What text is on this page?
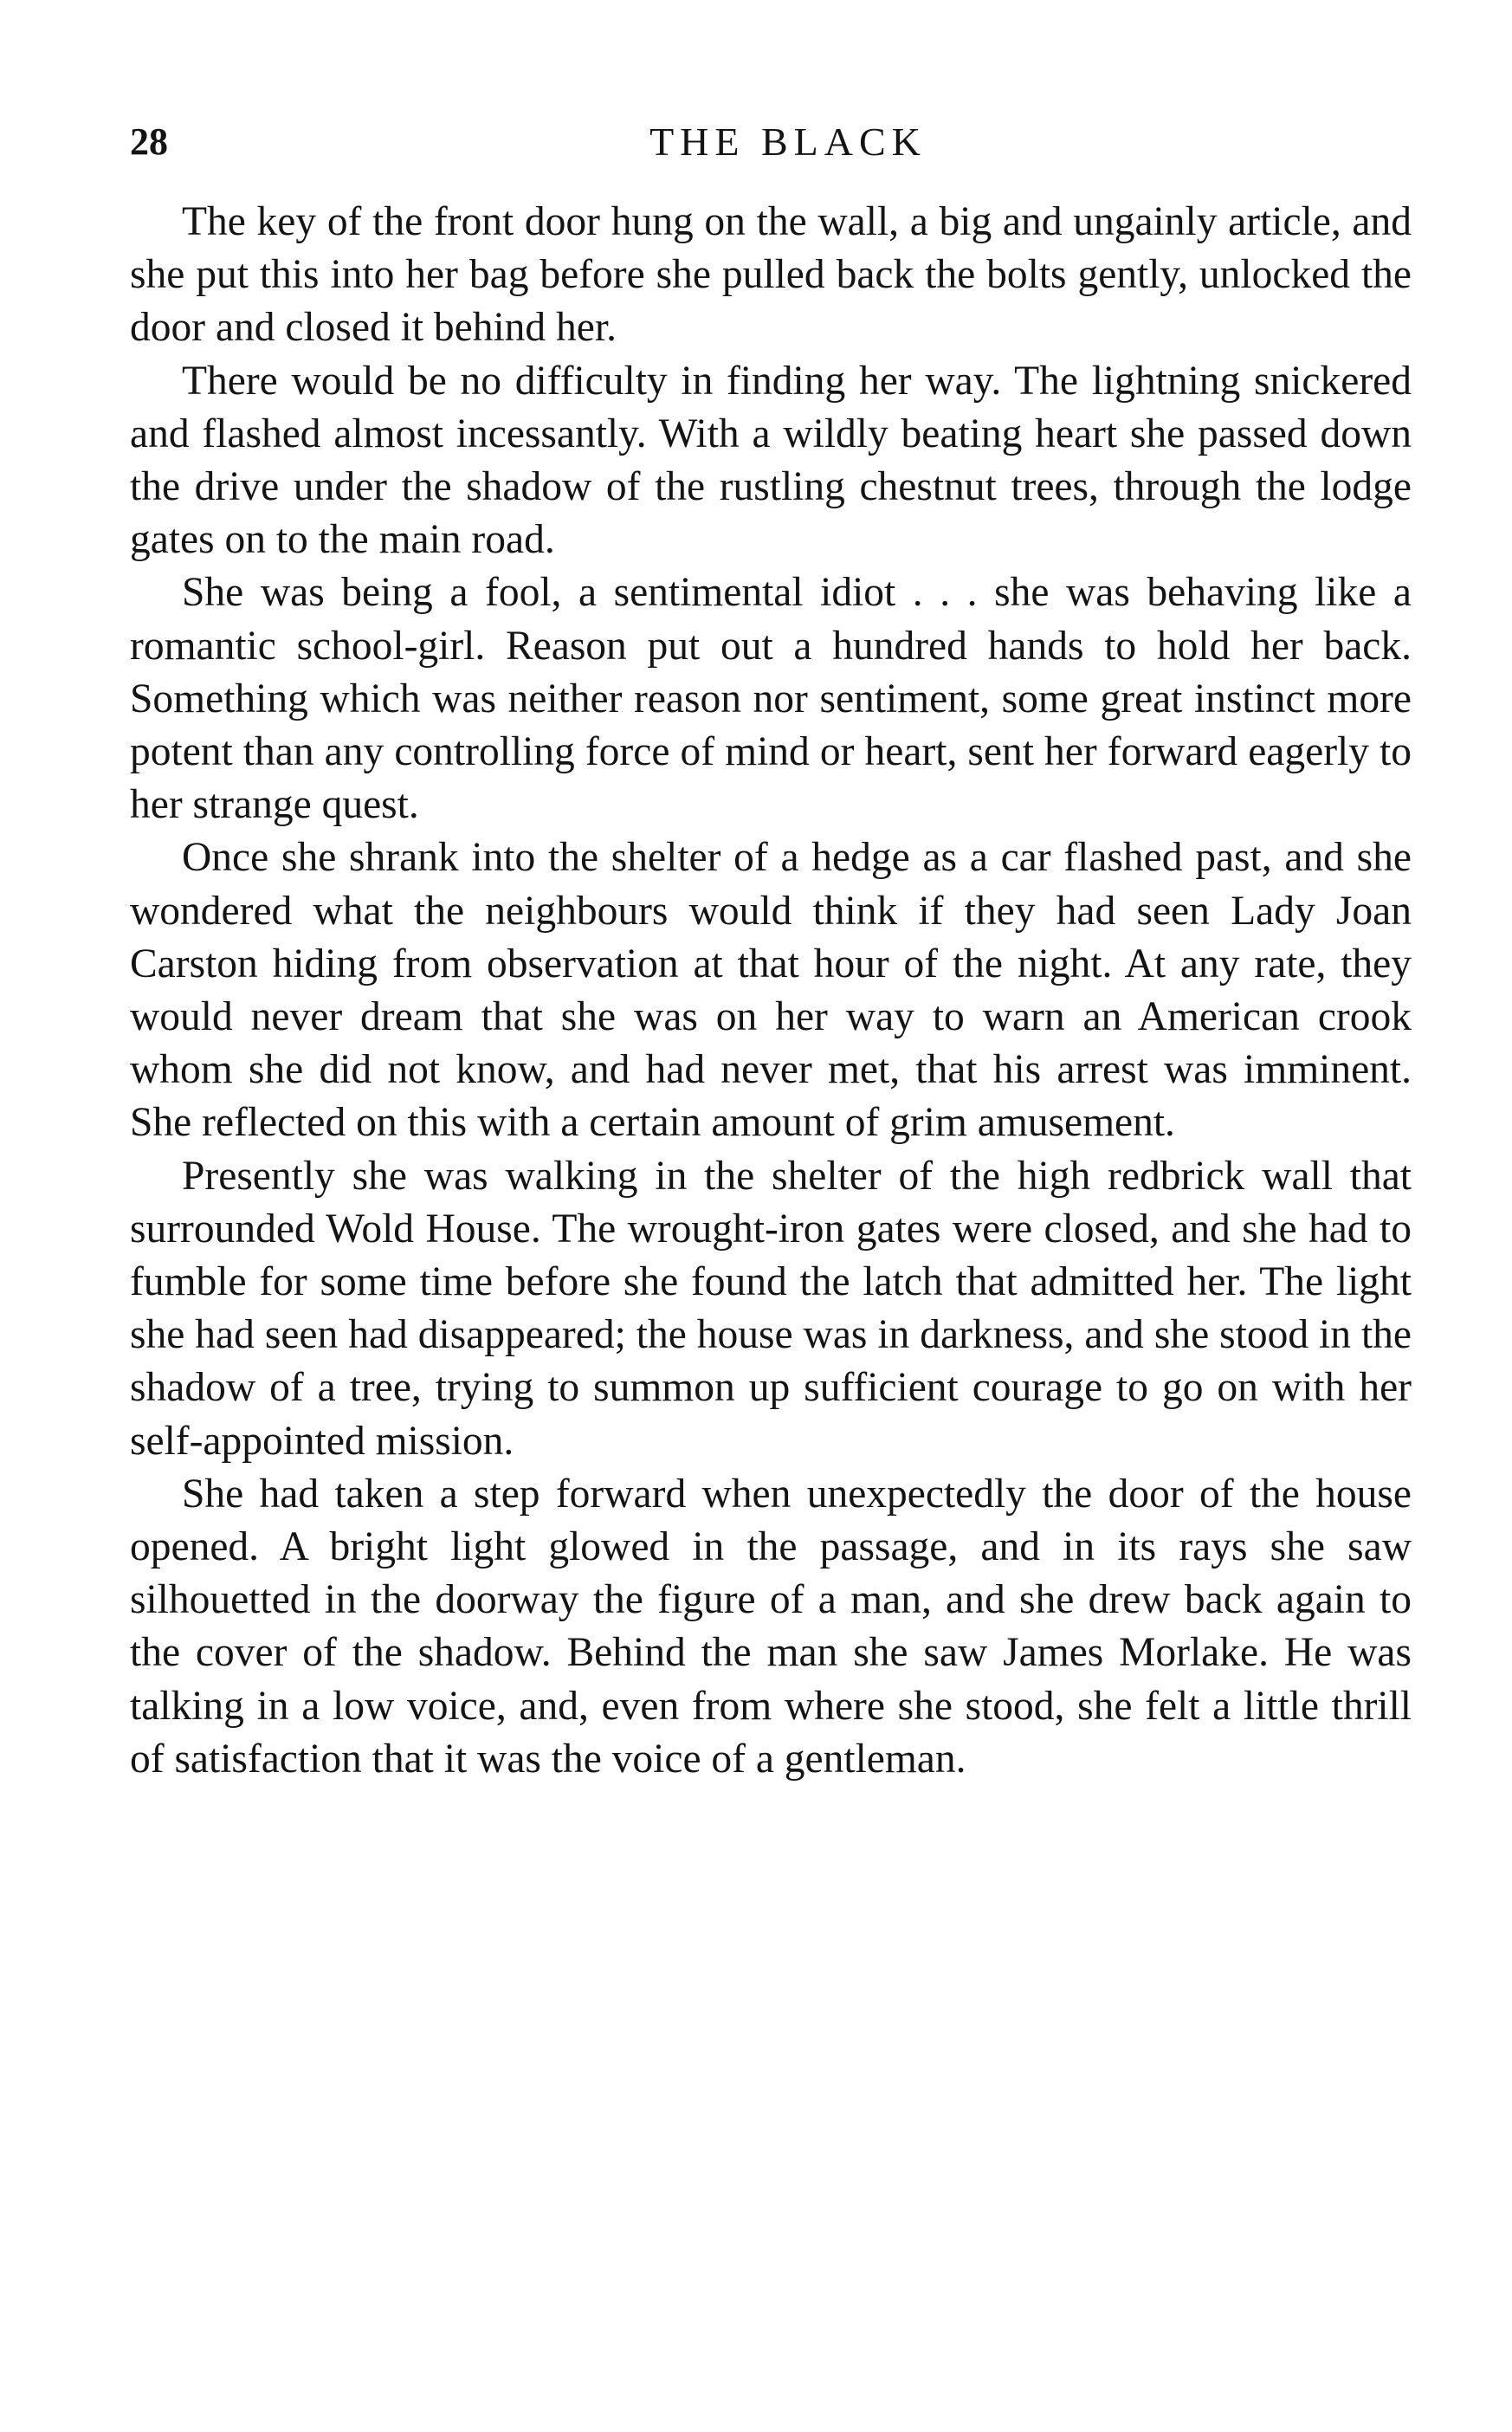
28	THE BLACK

The key of the front door hung on the wall, a big and ungainly article, and she put this into her bag before she pulled back the bolts gently, unlocked the door and closed it behind her.

There would be no difficulty in finding her way. The lightning snickered and flashed almost incessantly. With a wildly beating heart she passed down the drive under the shadow of the rustling chestnut trees, through the lodge gates on to the main road.

She was being a fool, a sentimental idiot . . . she was behaving like a romantic school-girl. Reason put out a hundred hands to hold her back. Something which was neither reason nor sentiment, some great instinct more potent than any controlling force of mind or heart, sent her forward eagerly to her strange quest.

Once she shrank into the shelter of a hedge as a car flashed past, and she wondered what the neighbours would think if they had seen Lady Joan Carston hiding from observation at that hour of the night. At any rate, they would never dream that she was on her way to warn an American crook whom she did not know, and had never met, that his arrest was imminent. She reflected on this with a certain amount of grim amusement.

Presently she was walking in the shelter of the high redbrick wall that surrounded Wold House. The wrought-iron gates were closed, and she had to fumble for some time before she found the latch that admitted her. The light she had seen had disappeared; the house was in darkness, and she stood in the shadow of a tree, trying to summon up sufficient courage to go on with her self-appointed mission.

She had taken a step forward when unexpectedly the door of the house opened. A bright light glowed in the passage, and in its rays she saw silhouetted in the doorway the figure of a man, and she drew back again to the cover of the shadow. Behind the man she saw James Morlake. He was talking in a low voice, and, even from where she stood, she felt a little thrill of satisfaction that it was the voice of a gentleman.
